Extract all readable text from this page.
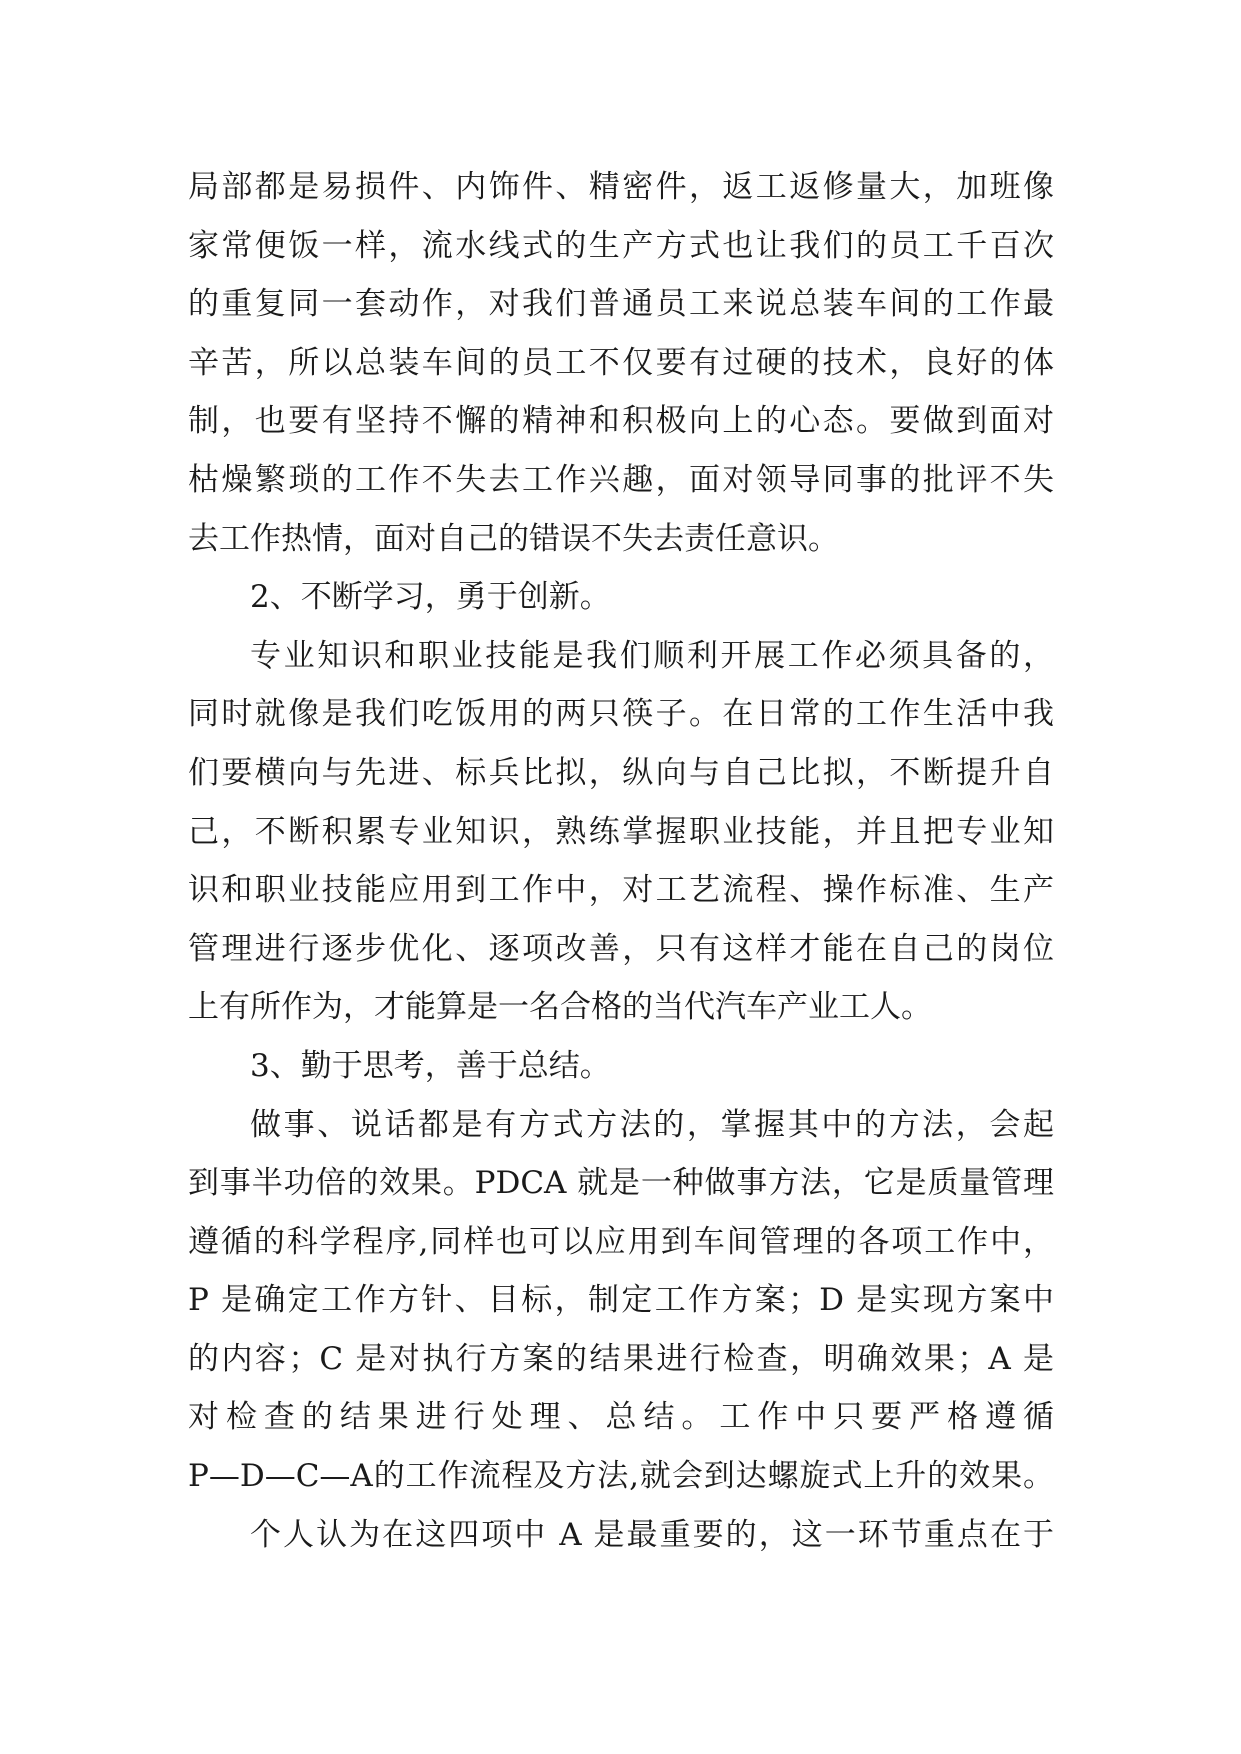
局部都是易损件、内饰件、精密件，返工返修量大，加班像
家常便饭一样，流水线式的生产方式也让我们的员工千百次
的重复同一套动作，对我们普通员工来说总装车间的工作最
辛苦，所以总装车间的员工不仅要有过硬的技术，良好的体
制，也要有坚持不懈的精神和积极向上的心态。要做到面对
枯燥繁琐的工作不失去工作兴趣，面对领导同事的批评不失
去工作热情，面对自己的错误不失去责任意识。
2、不断学习，勇于创新。
专业知识和职业技能是我们顺利开展工作必须具备的，
同时就像是我们吃饭用的两只筷子。在日常的工作生活中我
们要横向与先进、标兵比拟，纵向与自己比拟，不断提升自
己，不断积累专业知识，熟练掌握职业技能，并且把专业知
识和职业技能应用到工作中，对工艺流程、操作标准、生产
管理进行逐步优化、逐项改善，只有这样才能在自己的岗位
上有所作为，才能算是一名合格的当代汽车产业工人。
3、勤于思考，善于总结。
做事、说话都是有方式方法的，掌握其中的方法，会起
到事半功倍的效果。PDCA 就是一种做事方法，它是质量管理
遵循的科学程序,同样也可以应用到车间管理的各项工作中，
P 是确定工作方针、目标，制定工作方案；D 是实现方案中
的内容；C 是对执行方案的结果进行检查，明确效果；A 是
对检查的结果进行处理、总结。工作中只要严格遵循
P—D—C—A的工作流程及方法,就会到达螺旋式上升的效果。
个人认为在这四项中 A 是最重要的，这一环节重点在于
